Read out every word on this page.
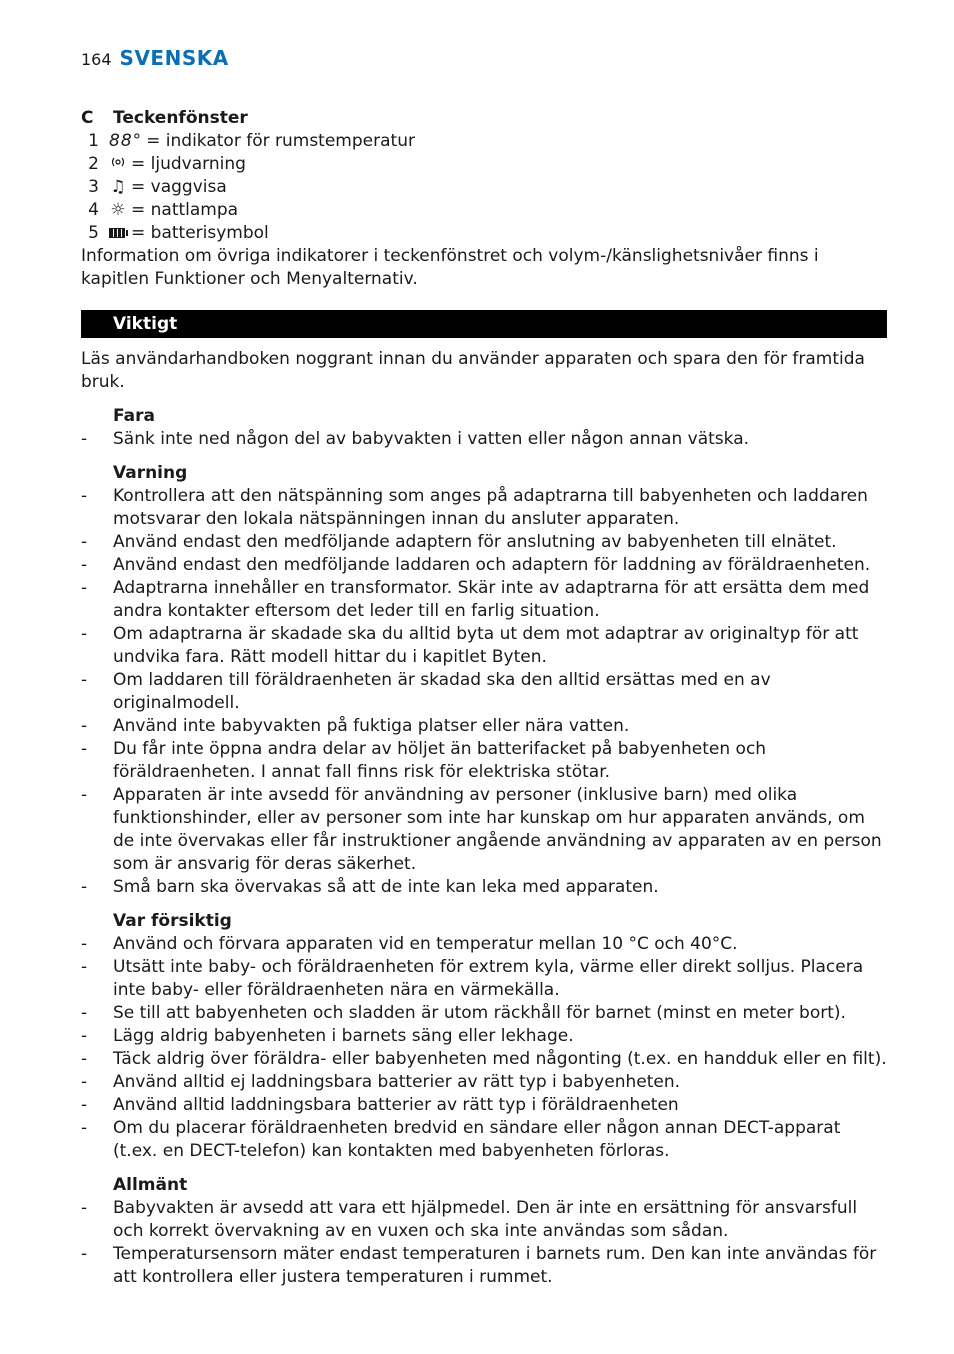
164 SVENSKA
C	Teckenfönster
1 88° = indikator för rumstemperatur
2 = ljudvarning
3 ♫ = vaggvisa
4 ☼ = nattlampa
5 = batterisymbol

Information om övriga indikatorer i teckenfönstret och volym-/känslighetsnivåer finns i kapitlen Funktioner och Menyalternativ.

Viktigt

Läs användarhandboken noggrant innan du använder apparaten och spara den för framtida bruk.

Fara
-	Sänk inte ned någon del av babyvakten i vatten eller någon annan vätska.
Varning
-	Kontrollera att den nätspänning som anges på adaptrarna till babyenheten och laddaren motsvarar den lokala nätspänningen innan du ansluter apparaten.
-	Använd endast den medföljande adaptern för anslutning av babyenheten till elnätet.
-	Använd endast den medföljande laddaren och adaptern för laddning av föräldraenheten.
-	Adaptrarna innehåller en transformator. Skär inte av adaptrarna för att ersätta dem med andra kontakter eftersom det leder till en farlig situation.
-	Om adaptrarna är skadade ska du alltid byta ut dem mot adaptrar av originaltyp för att undvika fara. Rätt modell hittar du i kapitlet Byten.
-	Om laddaren till föräldraenheten är skadad ska den alltid ersättas med en av originalmodell.
-	Använd inte babyvakten på fuktiga platser eller nära vatten.
-	Du får inte öppna andra delar av höljet än batterifacket på babyenheten och föräldraenheten. I annat fall finns risk för elektriska stötar.
-	Apparaten är inte avsedd för användning av personer (inklusive barn) med olika funktionshinder, eller av personer som inte har kunskap om hur apparaten används, om de inte övervakas eller får instruktioner angående användning av apparaten av en person som är ansvarig för deras säkerhet.
-	Små barn ska övervakas så att de inte kan leka med apparaten.
Var försiktig
-	Använd och förvara apparaten vid en temperatur mellan 10 °C och 40°C.
-	Utsätt inte baby- och föräldraenheten för extrem kyla, värme eller direkt solljus. Placera inte baby- eller föräldraenheten nära en värmekälla.
-	Se till att babyenheten och sladden är utom räckhåll för barnet (minst en meter bort).
-	Lägg aldrig babyenheten i barnets säng eller lekhage.
-	Täck aldrig över föräldra- eller babyenheten med någonting (t.ex. en handduk eller en filt).
-	Använd alltid ej laddningsbara batterier av rätt typ i babyenheten.
-	Använd alltid laddningsbara batterier av rätt typ i föräldraenheten
-	Om du placerar föräldraenheten bredvid en sändare eller någon annan DECT-apparat (t.ex. en DECT-telefon) kan kontakten med babyenheten förloras.
Allmänt
-	Babyvakten är avsedd att vara ett hjälpmedel. Den är inte en ersättning för ansvarsfull och korrekt övervakning av en vuxen och ska inte användas som sådan.
-	Temperatursensorn mäter endast temperaturen i barnets rum. Den kan inte användas för att kontrollera eller justera temperaturen i rummet.
